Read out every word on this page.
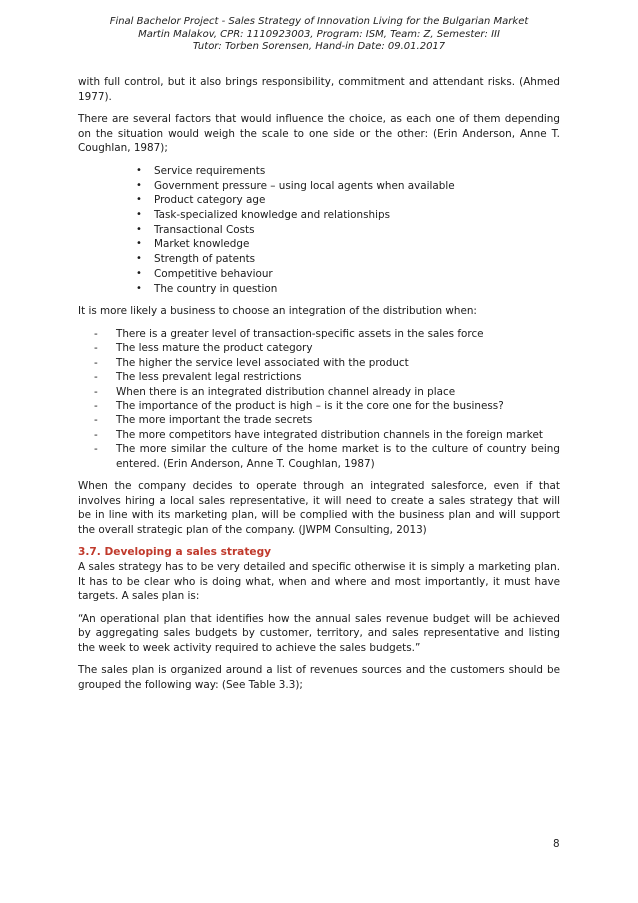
Final Bachelor Project - Sales Strategy of Innovation Living for the Bulgarian Market
Martin Malakov, CPR: 1110923003, Program: ISM, Team: Z, Semester: III
Tutor: Torben Sorensen, Hand-in Date: 09.01.2017

with full control, but it also brings responsibility, commitment and attendant risks. (Ahmed 1977).

There are several factors that would influence the choice, as each one of them depending on the situation would weigh the scale to one side or the other: (Erin Anderson, Anne T. Coughlan, 1987);

• Service requirements
• Government pressure – using local agents when available
• Product category age
• Task-specialized knowledge and relationships
• Transactional Costs
• Market knowledge
• Strength of patents
• Competitive behaviour
• The country in question

It is more likely a business to choose an integration of the distribution when:

- There is a greater level of transaction-specific assets in the sales force
- The less mature the product category
- The higher the service level associated with the product
- The less prevalent legal restrictions
- When there is an integrated distribution channel already in place
- The importance of the product is high – is it the core one for the business?
- The more important the trade secrets
- The more competitors have integrated distribution channels in the foreign market
- The more similar the culture of the home market is to the culture of country being entered. (Erin Anderson, Anne T. Coughlan, 1987)

When the company decides to operate through an integrated salesforce, even if that involves hiring a local sales representative, it will need to create a sales strategy that will be in line with its marketing plan, will be complied with the business plan and will support the overall strategic plan of the company. (JWPM Consulting, 2013)

3.7. Developing a sales strategy

A sales strategy has to be very detailed and specific otherwise it is simply a marketing plan. It has to be clear who is doing what, when and where and most importantly, it must have targets. A sales plan is:

“An operational plan that identifies how the annual sales revenue budget will be achieved by aggregating sales budgets by customer, territory, and sales representative and listing the week to week activity required to achieve the sales budgets.”

The sales plan is organized around a list of revenues sources and the customers should be grouped the following way: (See Table 3.3);

8
